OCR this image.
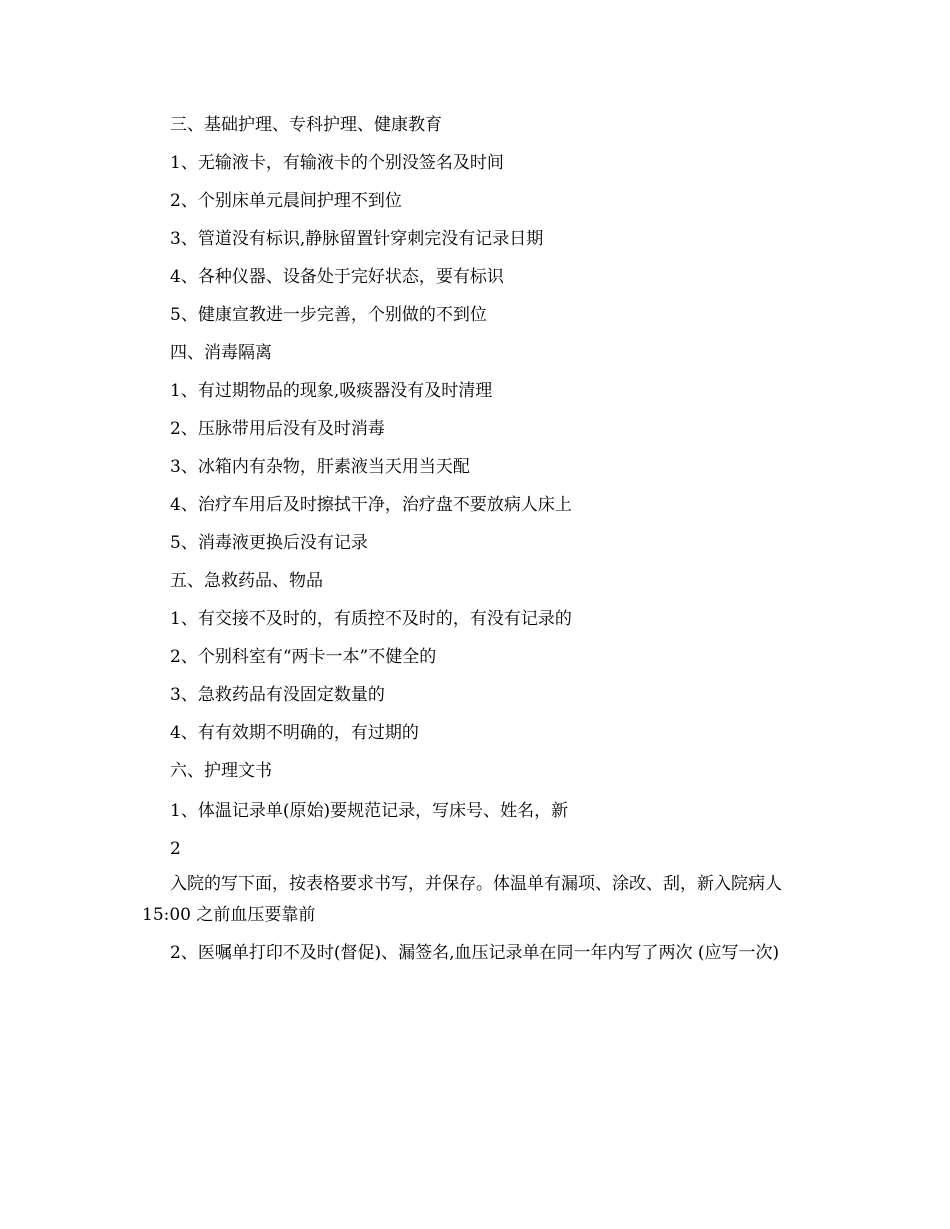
三、基础护理、专科护理、健康教育
1、无输液卡，有输液卡的个别没签名及时间
2、个别床单元晨间护理不到位
3、管道没有标识,静脉留置针穿刺完没有记录日期
4、各种仪器、设备处于完好状态，要有标识
5、健康宣教进一步完善，个别做的不到位
四、消毒隔离
1、有过期物品的现象,吸痰器没有及时清理
2、压脉带用后没有及时消毒
3、冰箱内有杂物，肝素液当天用当天配
4、治疗车用后及时擦拭干净，治疗盘不要放病人床上
5、消毒液更换后没有记录
五、急救药品、物品
1、有交接不及时的，有质控不及时的，有没有记录的
2、个别科室有“两卡一本”不健全的
3、急救药品有没固定数量的
4、有有效期不明确的，有过期的
六、护理文书
1、体温记录单(原始)要规范记录，写床号、姓名，新
2
入院的写下面，按表格要求书写，并保存。体温单有漏项、涂改、刮，新入院病人 15:00 之前血压要靠前
2、医嘱单打印不及时(督促)、漏签名,血压记录单在同一年内写了两次 (应写一次)
